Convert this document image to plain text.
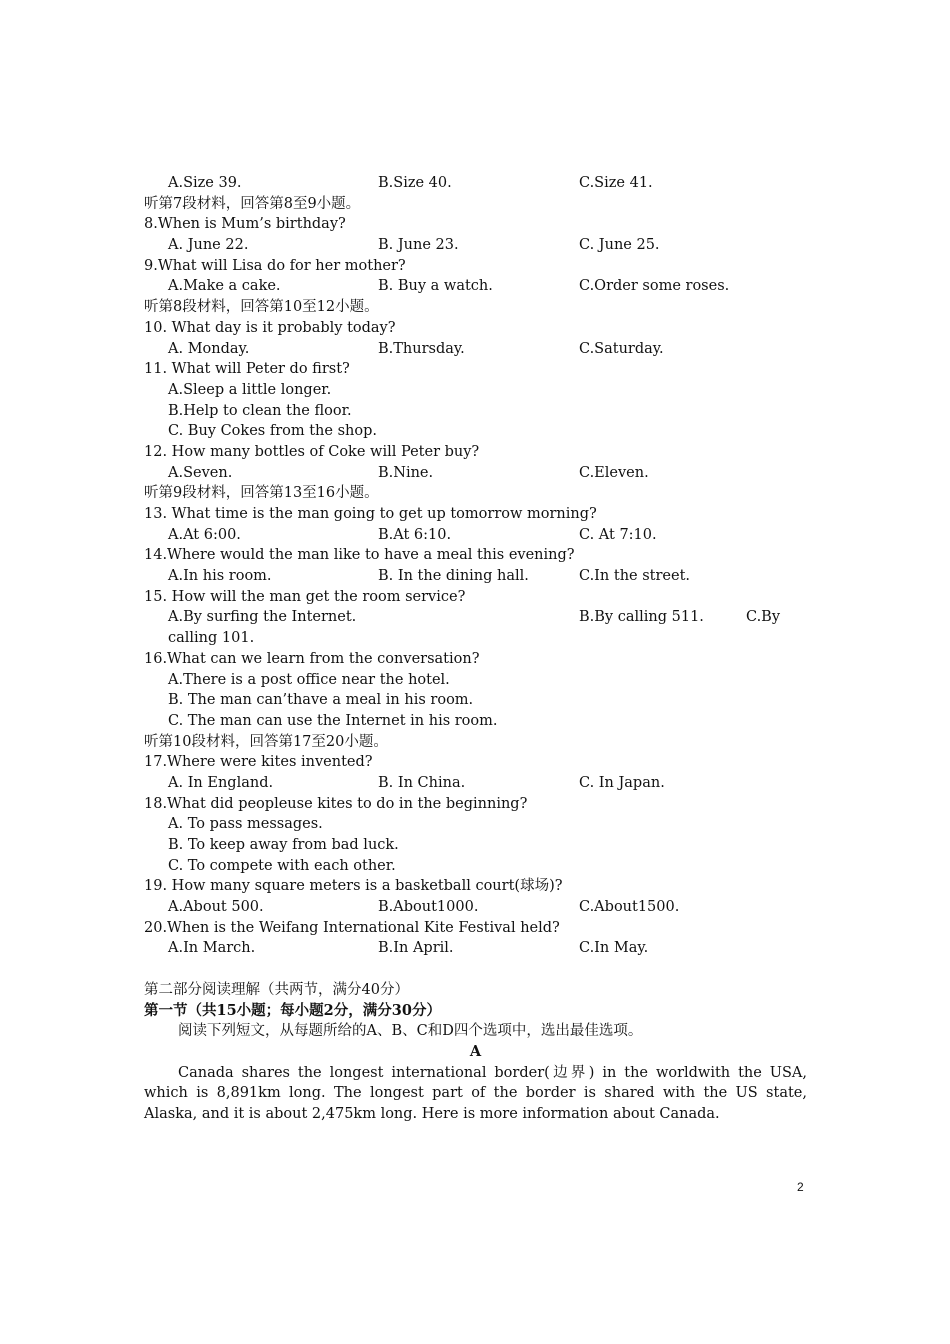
A.Size 39.	B.Size 40.	C.Size 41.
听第7段材料，回答第8至9小题。
8.When is Mum’s birthday?
A. June 22.	B. June 23.	C. June 25.
9.What will Lisa do for her mother?
A.Make a cake.	B. Buy a watch.	C.Order some roses.
听第8段材料，回答第10至12小题。
10. What day is it probably today?
A. Monday.	B.Thursday.	C.Saturday.
11. What will Peter do first?
A.Sleep a little longer.
B.Help to clean the floor.
C. Buy Cokes from the shop.
12. How many bottles of Coke will Peter buy?
A.Seven.	B.Nine.	C.Eleven.
听第9段材料，回答第13至16小题。
13. What time is the man going to get up tomorrow morning?
A.At 6:00.	B.At 6:10.	C. At 7:10.
14.Where would the man like to have a meal this evening?
A.In his room.	B. In the dining hall.	C.In the street.
15. How will the man get the room service?
A.By surfing the Internet.	B.By calling 511.	C.By
calling 101.
16.What can we learn from the conversation?
A.There is a post office near the hotel.
B. The man can’thave a meal in his room.
C. The man can use the Internet in his room.
听第10段材料，回答第17至20小题。
17.Where were kites invented?
A. In England.	B. In China.	C. In Japan.
18.What did peopleuse kites to do in the beginning?
A. To pass messages.
B. To keep away from bad luck.
C. To compete with each other.
19. How many square meters is a basketball court(球场)?
A.About 500.	B.About1000.	C.About1500.
20.When is the Weifang International Kite Festival held?
A.In March.	B.In April.	C.In May.
第二部分阅读理解（共两节，满分40分）
第一节（共15小题；每小题2分，满分30分）
阅读下列短文，从每题所给的A、B、C和D四个选项中，选出最佳选项。
A
Canada shares the longest international border(边界) in the worldwith the USA, which is 8,891km long. The longest part of the border is shared with the US state, Alaska, and it is about 2,475km long. Here is more information about Canada.
2
